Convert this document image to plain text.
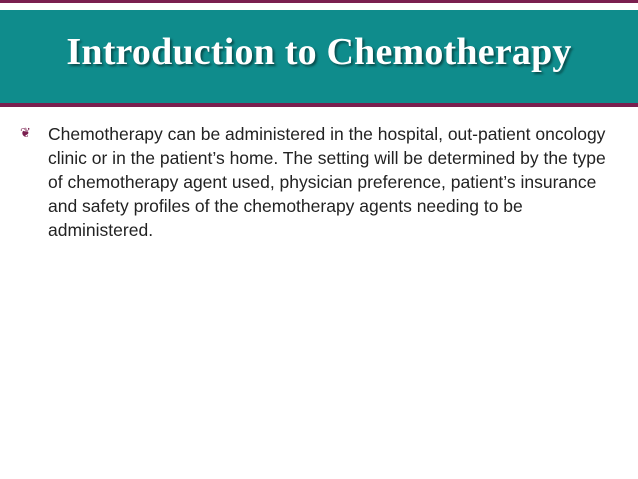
Introduction to Chemotherapy
❦ Chemotherapy can be administered in the hospital, out-patient oncology clinic or in the patient’s home. The setting will be determined by the type of chemotherapy agent used, physician preference, patient’s insurance and safety profiles of the chemotherapy agents needing to be administered.
